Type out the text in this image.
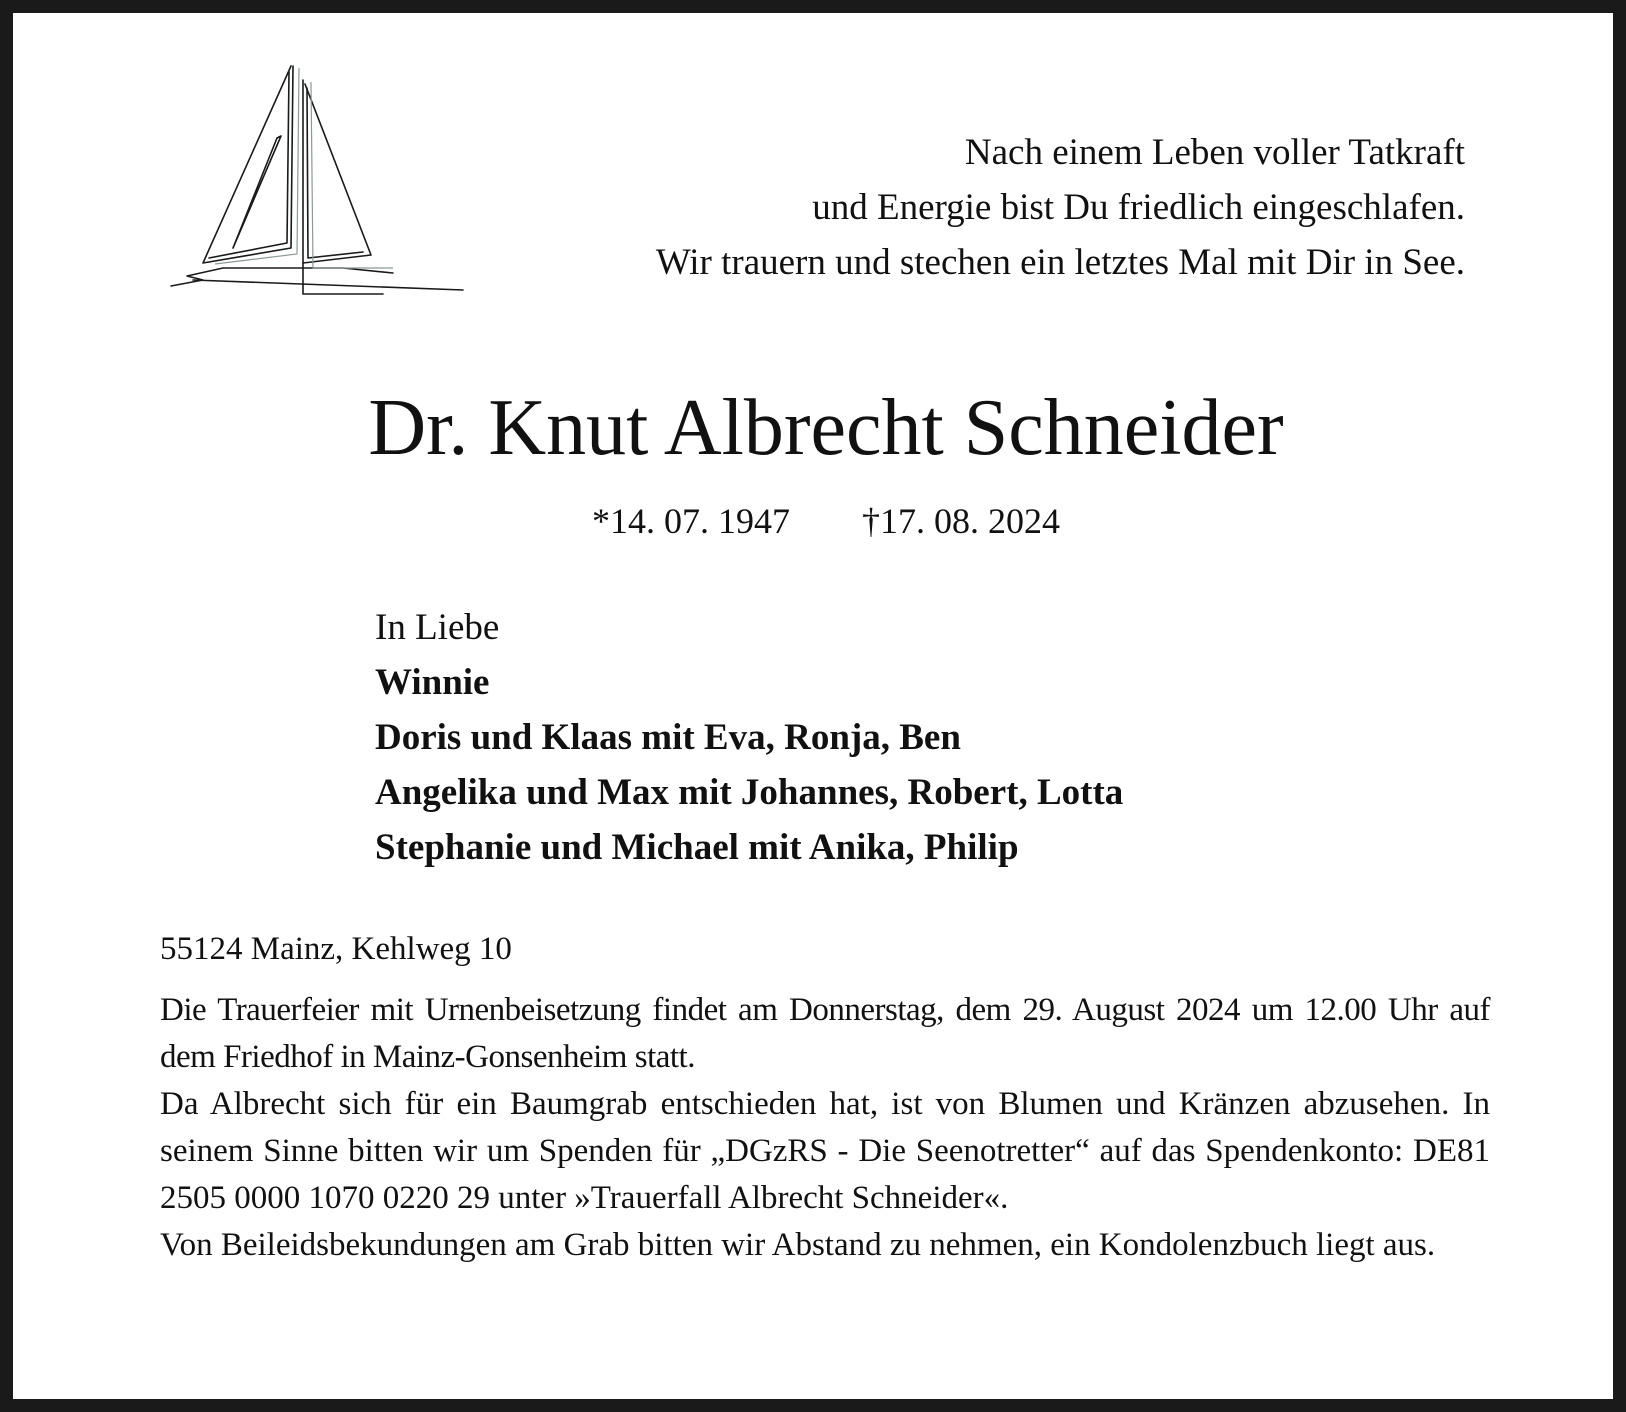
Nach einem Leben voller Tatkraft
und Energie bist Du friedlich eingeschlafen.
Wir trauern und stechen ein letztes Mal mit Dir in See.
Dr. Knut Albrecht Schneider
*14. 07. 1947 †17. 08. 2024
In Liebe
Winnie
Doris und Klaas mit Eva, Ronja, Ben
Angelika und Max mit Johannes, Robert, Lotta
Stephanie und Michael mit Anika, Philip
55124 Mainz, Kehlweg 10

Die Trauerfeier mit Urnenbeisetzung findet am Donnerstag, dem 29. August 2024 um 12.00 Uhr auf dem Friedhof in Mainz-Gonsenheim statt.

Da Albrecht sich für ein Baumgrab entschieden hat, ist von Blumen und Kränzen abzusehen. In seinem Sinne bitten wir um Spenden für „DGzRS - Die Seenotretter“ auf das Spendenkonto: DE81 2505 0000 1070 0220 29 unter »Trauerfall Albrecht Schneider«.

Von Beileidsbekundungen am Grab bitten wir Abstand zu nehmen, ein Kondolenzbuch liegt aus.
